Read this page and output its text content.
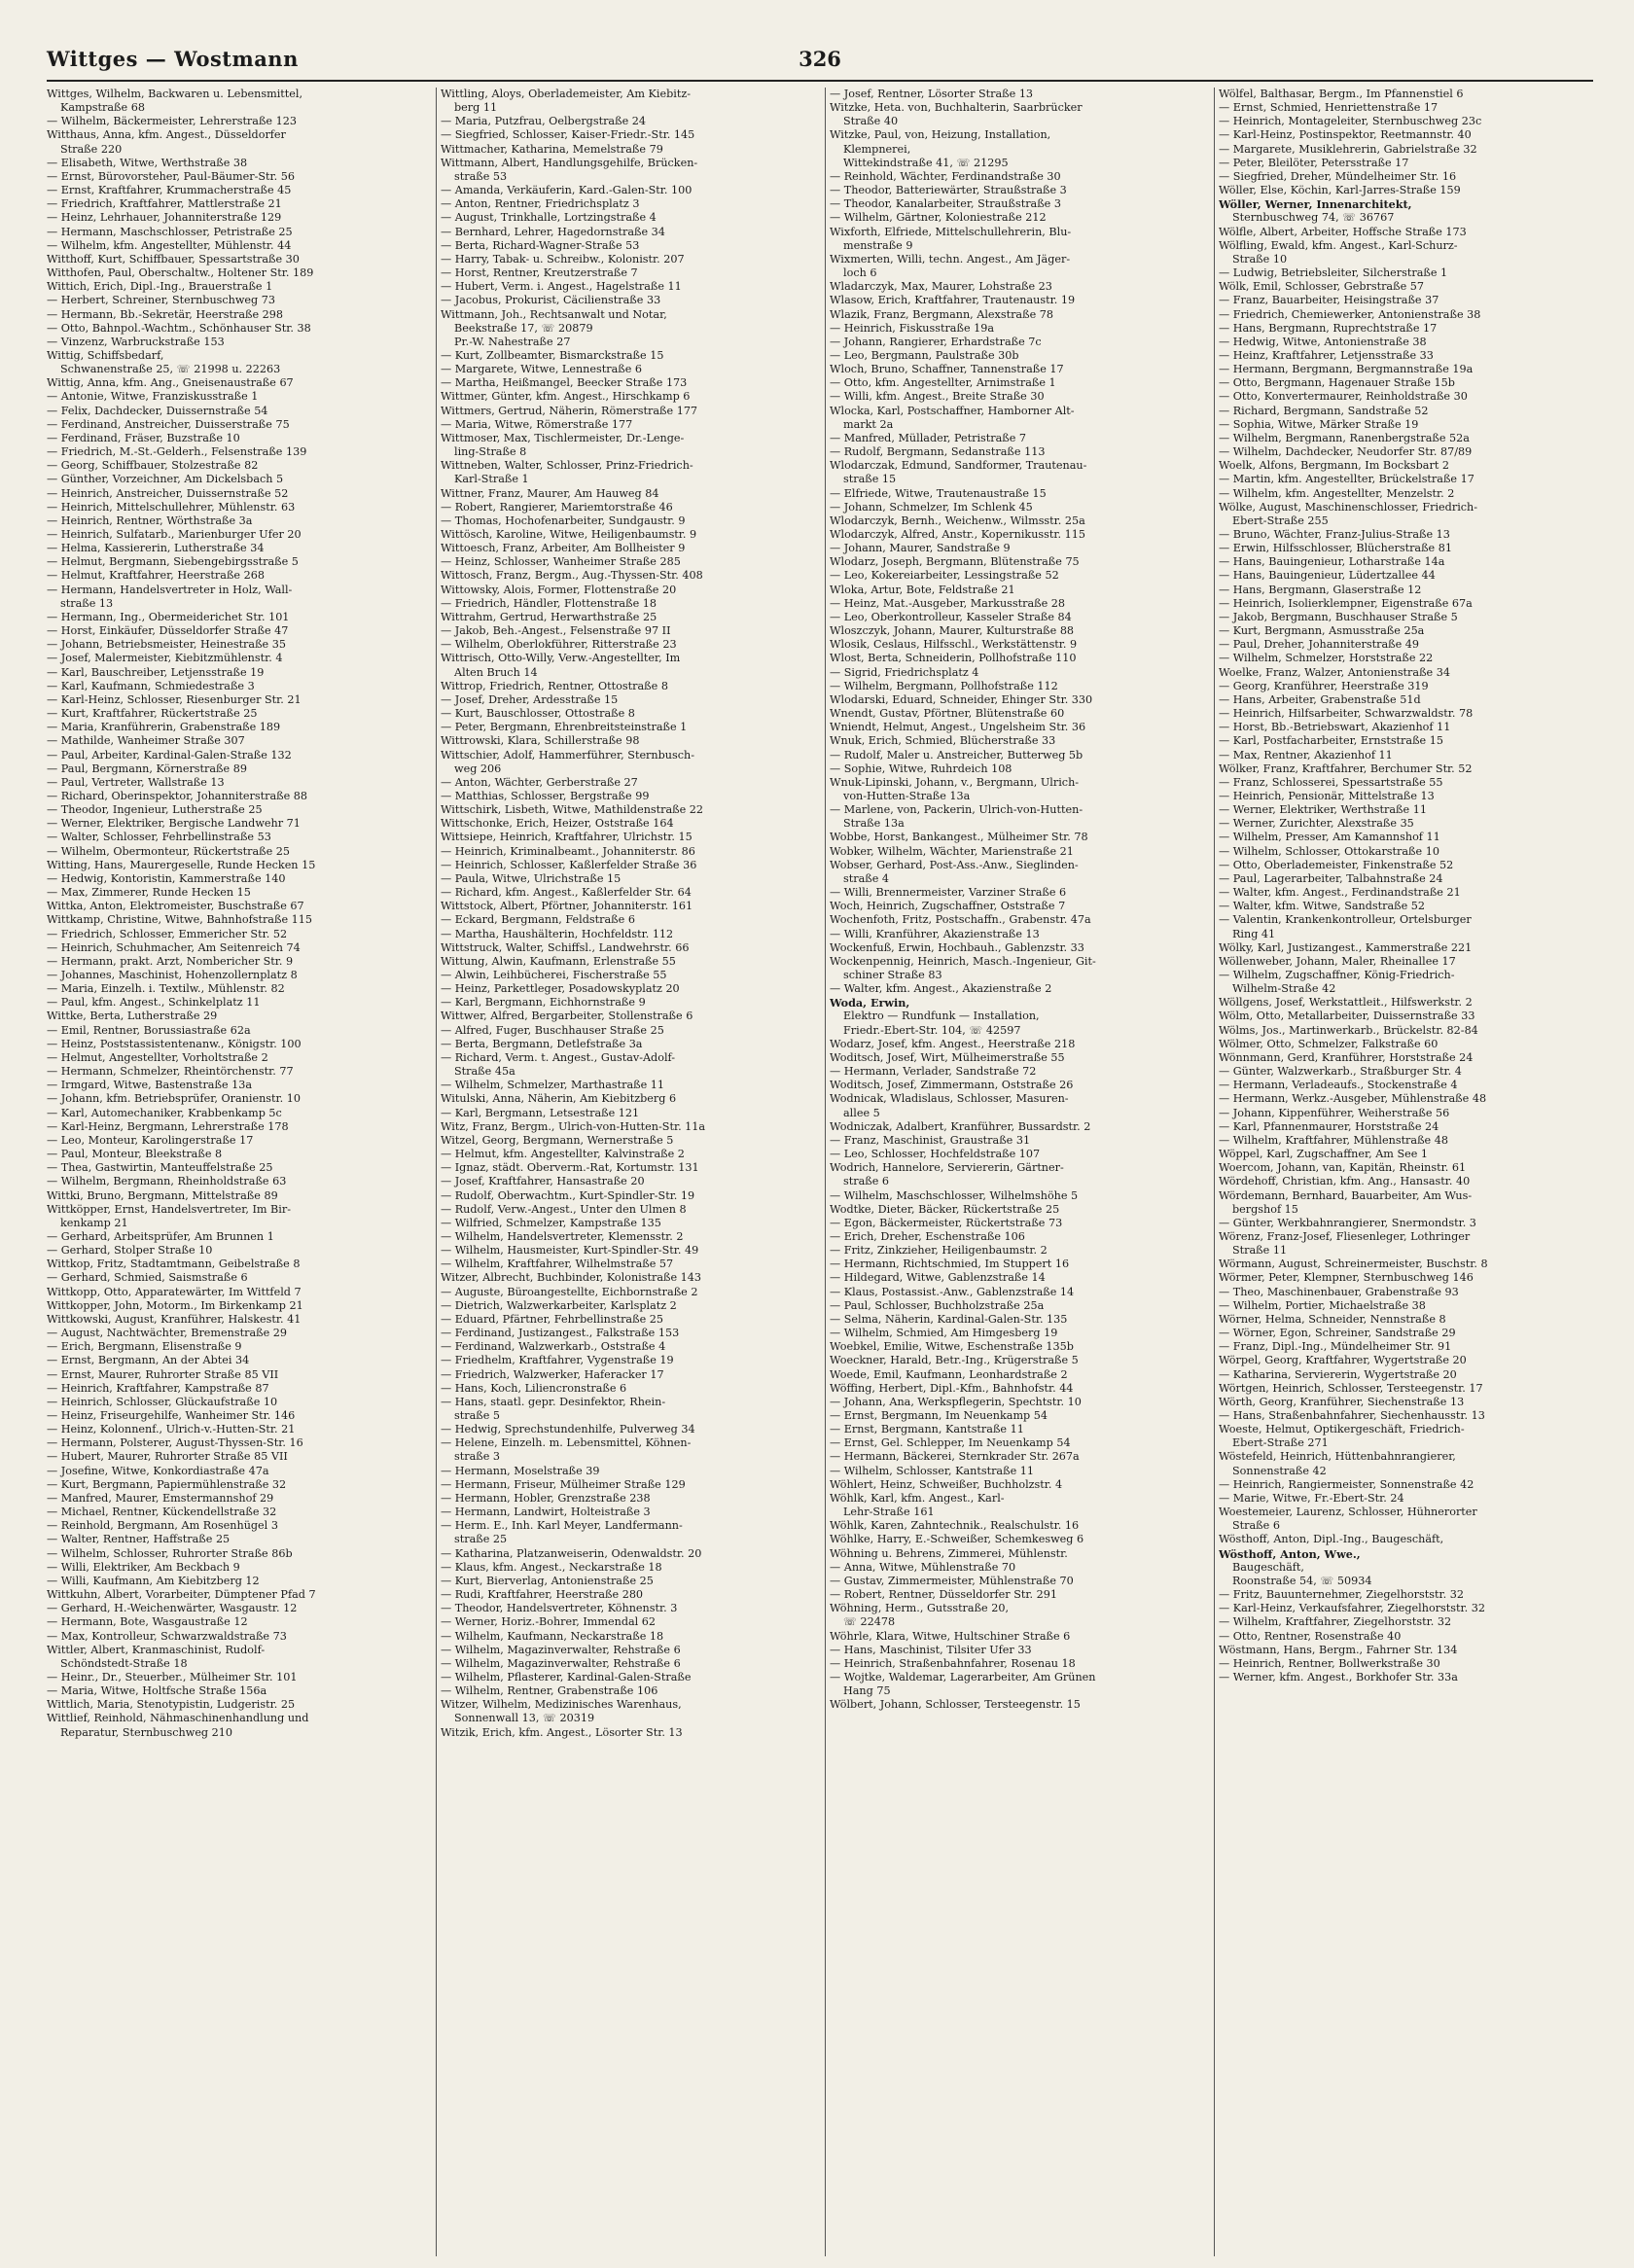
Wittges — Wostmann	326
Wittges, Wilhelm, Backwaren u. Lebensmittel,
Kampstraße 68
— Wilhelm, Bäckermeister, Lehrerstraße 123
Witthaus, Anna, kfm. Angest., Düsseldorfer
Straße 220
— Elisabeth, Witwe, Werthstraße 38
— Ernst, Bürovorsteher, Paul-Bäumer-Str. 56
— Ernst, Kraftfahrer, Krummacherstraße 45
— Friedrich, Kraftfahrer, Mattlerstraße 21
— Heinz, Lehrhauer, Johanniterstraße 129
— Hermann, Maschschlosser, Petristraße 25
— Wilhelm, kfm. Angestellter, Mühlenstr. 44
Witthoff, Kurt, Schiffbauer, Spessartstraße 30
Witthofen, Paul, Oberschaltw., Holtener Str. 189
Wittich, Erich, Dipl.-Ing., Brauerstraße 1
— Herbert, Schreiner, Sternbuschweg 73
— Hermann, Bb.-Sekretär, Heerstraße 298
— Otto, Bahnpol.-Wachtm., Schönhauser Str. 38
— Vinzenz, Warbruckstraße 153
Wittig, Schiffsbedarf,
Schwanenstraße 25, ☏ 21998 u. 22263
Wittig, Anna, kfm. Ang., Gneisenaustraße 67
— Antonie, Witwe, Franziskusstraße 1
— Felix, Dachdecker, Duissernstraße 54
— Ferdinand, Anstreicher, Duisserstraße 75
— Ferdinand, Fräser, Buzstraße 10
— Friedrich, M.-St.-Gelderh., Felsenstraße 139
— Georg, Schiffbauer, Stolzestraße 82
— Günther, Vorzeichner, Am Dickelsbach 5
— Heinrich, Anstreicher, Duissernstraße 52
— Heinrich, Mittelschullehrer, Mühlenstr. 63
— Heinrich, Rentner, Wörthstraße 3a
— Heinrich, Sulfatarb., Marienburger Ufer 20
— Helma, Kassiererin, Lutherstraße 34
— Helmut, Bergmann, Siebengebirgsstraße 5
— Helmut, Kraftfahrer, Heerstraße 268
— Hermann, Handelsvertreter in Holz, Wall-
straße 13
— Hermann, Ing., Obermeiderichet Str. 101
— Horst, Einkäufer, Düsseldorfer Straße 47
— Johann, Betriebsmeister, Heinestraße 35
— Josef, Malermeister, Kiebitzmühlenstr. 4
— Karl, Bauschreiber, Letjensstraße 19
— Karl, Kaufmann, Schmiedestraße 3
— Karl-Heinz, Schlosser, Riesenburger Str. 21
— Kurt, Kraftfahrer, Rückertstraße 25
— Maria, Kranführerin, Grabenstraße 189
— Mathilde, Wanheimer Straße 307
— Paul, Arbeiter, Kardinal-Galen-Straße 132
— Paul, Bergmann, Körnerstraße 89
— Paul, Vertreter, Wallstraße 13
— Richard, Oberinspektor, Johanniterstraße 88
— Theodor, Ingenieur, Lutherstraße 25
— Werner, Elektriker, Bergische Landwehr 71
— Walter, Schlosser, Fehrbellinstraße 53
— Wilhelm, Obermonteur, Rückertstraße 25
Witting, Hans, Maurergeselle, Runde Hecken 15
— Hedwig, Kontoristin, Kammerstraße 140
— Max, Zimmerer, Runde Hecken 15
Wittka, Anton, Elektromeister, Buschstraße 67
Wittkamp, Christine, Witwe, Bahnhofstraße 115
— Friedrich, Schlosser, Emmericher Str. 52
— Heinrich, Schuhmacher, Am Seitenreich 74
— Hermann, prakt. Arzt, Nombericher Str. 9
— Johannes, Maschinist, Hohenzollernplatz 8
— Maria, Einzelh. i. Textilw., Mühlenstr. 82
— Paul, kfm. Angest., Schinkelplatz 11
Wittke, Berta, Lutherstraße 29
— Emil, Rentner, Borussiastraße 62a
— Heinz, Poststassistentenanw., Königstr. 100
— Helmut, Angestellter, Vorholtstraße 2
— Hermann, Schmelzer, Rheintörchenstr. 77
— Irmgard, Witwe, Bastenstraße 13a
— Johann, kfm. Betriebsprüfer, Oranienstr. 10
— Karl, Automechaniker, Krabbenkamp 5c
— Karl-Heinz, Bergmann, Lehrerstraße 178
— Leo, Monteur, Karolingerstraße 17
— Paul, Monteur, Bleekstraße 8
— Thea, Gastwirtin, Manteuffelstraße 25
— Wilhelm, Bergmann, Rheinholdstraße 63
Wittki, Bruno, Bergmann, Mittelstraße 89
Wittköpper, Ernst, Handelsvertreter, Im Bir-
kenkamp 21
— Gerhard, Arbeitsprüfer, Am Brunnen 1
— Gerhard, Stolper Straße 10
Wittkop, Fritz, Stadtamtmann, Geibelstraße 8
— Gerhard, Schmied, Saismstraße 6
Wittkopp, Otto, Apparatewärter, Im Wittfeld 7
Wittkopper, John, Motorm., Im Birkenkamp 21
Wittkowski, August, Kranführer, Halskestr. 41
— August, Nachtwächter, Bremenstraße 29
— Erich, Bergmann, Elisenstraße 9
— Ernst, Bergmann, An der Abtei 34
— Ernst, Maurer, Ruhrorter Straße 85 VII
— Heinrich, Kraftfahrer, Kampstraße 87
— Heinrich, Schlosser, Glückaufstraße 10
— Heinz, Friseurgehilfe, Wanheimer Str. 146
— Heinz, Kolonnenf., Ulrich-v.-Hutten-Str. 21
— Hermann, Polsterer, August-Thyssen-Str. 16
— Hubert, Maurer, Ruhrorter Straße 85 VII
— Josefine, Witwe, Konkordiastraße 47a
— Kurt, Bergmann, Papiermühlenstraße 32
— Manfred, Maurer, Emstermannshof 29
— Michael, Rentner, Kückendellstraße 32
— Reinhold, Bergmann, Am Rosenhügel 3
— Walter, Rentner, Haffstraße 25
— Wilhelm, Schlosser, Ruhrorter Straße 86b
— Willi, Elektriker, Am Beckbach 9
— Willi, Kaufmann, Am Kiebitzberg 12
Wittkuhn, Albert, Vorarbeiter, Dümptener Pfad 7
— Gerhard, H.-Weichenwärter, Wasgaustr. 12
— Hermann, Bote, Wasgaustraße 12
— Max, Kontrolleur, Schwarzwaldstraße 73
Wittler, Albert, Kranmaschinist, Rudolf-
Schöndstedt-Straße 18
— Heinr., Dr., Steuerber., Mülheimer Str. 101
— Maria, Witwe, Holtfsche Straße 156a
Wittlich, Maria, Stenotypistin, Ludgeristr. 25
Wittlief, Reinhold, Nähmaschinenhandlung und
Reparatur, Sternbuschweg 210
Wittling, Aloys, Oberlademeister, Am Kiebitz-
berg 11
— Maria, Putzfrau, Oelbergstraße 24
— Siegfried, Schlosser, Kaiser-Friedr.-Str. 145
Wittmacher, Katharina, Memelstraße 79
Wittmann, Albert, Handlungsgehilfe, Brücken-
straße 53
— Amanda, Verkäuferin, Kard.-Galen-Str. 100
— Anton, Rentner, Friedrichsplatz 3
— August, Trinkhalle, Lortzingstraße 4
— Bernhard, Lehrer, Hagedornstraße 34
— Berta, Richard-Wagner-Straße 53
— Harry, Tabak- u. Schreibw., Kolonistr. 207
— Horst, Rentner, Kreutzerstraße 7
— Hubert, Verm. i. Angest., Hagelstraße 11
— Jacobus, Prokurist, Cäcilienstraße 33
Wittmann, Joh., Rechtsanwalt und Notar,
Beekstraße 17, ☏ 20879
Pr.-W. Nahestraße 27
— Kurt, Zollbeamter, Bismarckstraße 15
— Margarete, Witwe, Lennestraße 6
— Martha, Heißmangel, Beecker Straße 173
Wittmer, Günter, kfm. Angest., Hirschkamp 6
Wittmers, Gertrud, Näherin, Römerstraße 177
— Maria, Witwe, Römerstraße 177
Wittmoser, Max, Tischlermeister, Dr.-Lenge-
ling-Straße 8
Wittneben, Walter, Schlosser, Prinz-Friedrich-
Karl-Straße 1
Wittner, Franz, Maurer, Am Hauweg 84
— Robert, Rangierer, Mariemtorstraße 46
— Thomas, Hochofenarbeiter, Sundgaustr. 9
Wittösch, Karoline, Witwe, Heiligenbaumstr. 9
Wittoesch, Franz, Arbeiter, Am Bollheister 9
— Heinz, Schlosser, Wanheimer Straße 285
Wittosch, Franz, Bergm., Aug.-Thyssen-Str. 408
Wittowsky, Alois, Former, Flottenstraße 20
— Friedrich, Händler, Flottenstraße 18
Wittrahm, Gertrud, Herwarthstraße 25
— Jakob, Beh.-Angest., Felsenstraße 97 II
— Wilhelm, Oberlokführer, Ritterstraße 23
Wittrisch, Otto-Willy, Verw.-Angestellter, Im
Alten Bruch 14
Wittrop, Friedrich, Rentner, Ottostraße 8
— Josef, Dreher, Ardesstraße 15
— Kurt, Bauschlosser, Ottostraße 8
— Peter, Bergmann, Ehrenbreitsteinstraße 1
Wittrowski, Klara, Schillerstraße 98
Wittschier, Adolf, Hammerführer, Sternbusch-
weg 206
— Anton, Wächter, Gerberstraße 27
— Matthias, Schlosser, Bergstraße 99
Wittschirk, Lisbeth, Witwe, Mathildenstraße 22
Wittschonke, Erich, Heizer, Oststraße 164
Wittsiepe, Heinrich, Kraftfahrer, Ulrichstr. 15
— Heinrich, Kriminalbeamt., Johanniterstr. 86
— Heinrich, Schlosser, Kaßlerfelder Straße 36
— Paula, Witwe, Ulrichstraße 15
— Richard, kfm. Angest., Kaßlerfelder Str. 64
Wittstock, Albert, Pförtner, Johanniterstr. 161
— Eckard, Bergmann, Feldstraße 6
— Martha, Haushälterin, Hochfeldstr. 112
Wittstruck, Walter, Schiffsl., Landwehrstr. 66
Wittung, Alwin, Kaufmann, Erlenstraße 55
— Alwin, Leihbücherei, Fischerstraße 55
— Heinz, Parkettleger, Posadowskyplatz 20
— Karl, Bergmann, Eichhornstraße 9
Wittwer, Alfred, Bergarbeiter, Stollenstraße 6
— Alfred, Fuger, Buschhauser Straße 25
— Berta, Bergmann, Detlefstraße 3a
— Richard, Verm. t. Angest., Gustav-Adolf-
Straße 45a
— Wilhelm, Schmelzer, Marthastraße 11
Witulski, Anna, Näherin, Am Kiebitzberg 6
— Karl, Bergmann, Letsestraße 121
Witz, Franz, Bergm., Ulrich-von-Hutten-Str. 11a
Witzel, Georg, Bergmann, Wernerstraße 5
— Helmut, kfm. Angestellter, Kalvinstraße 2
— Ignaz, städt. Oberverm.-Rat, Kortumstr. 131
— Josef, Kraftfahrer, Hansastraße 20
— Rudolf, Oberwachtm., Kurt-Spindler-Str. 19
— Rudolf, Verw.-Angest., Unter den Ulmen 8
— Wilfried, Schmelzer, Kampstraße 135
— Wilhelm, Handelsvertreter, Klemensstr. 2
— Wilhelm, Hausmeister, Kurt-Spindler-Str. 49
— Wilhelm, Kraftfahrer, Wilhelmstraße 57
Witzer, Albrecht, Buchbinder, Kolonistraße 143
— Auguste, Büroangestellte, Eichbornstraße 2
— Dietrich, Walzwerkarbeiter, Karlsplatz 2
— Eduard, Pfärtner, Fehrbellinstraße 25
— Ferdinand, Justizangest., Falkstraße 153
— Ferdinand, Walzwerkarb., Oststraße 4
— Friedhelm, Kraftfahrer, Vygenstraße 19
— Friedrich, Walzwerker, Haferacker 17
— Hans, Koch, Liliencronstraße 6
— Hans, staatl. gepr. Desinfektor, Rhein-
straße 5
— Hedwig, Sprechstundenhilfe, Pulverweg 34
— Helene, Einzelh. m. Lebensmittel, Köhnen-
straße 3
— Hermann, Moselstraße 39
— Hermann, Friseur, Mülheimer Straße 129
— Hermann, Hobler, Grenzstraße 238
— Hermann, Landwirt, Holteistraße 3
— Herm. E., Inh. Karl Meyer, Landfermann-
straße 25
— Katharina, Platzanweiserin, Odenwaldstr. 20
— Klaus, kfm. Angest., Neckarstraße 18
— Kurt, Bierverlag, Antonienstraße 25
— Rudi, Kraftfahrer, Heerstraße 280
— Theodor, Handelsvertreter, Köhnenstr. 3
— Werner, Horiz.-Bohrer, Immendal 62
— Wilhelm, Kaufmann, Neckarstraße 18
— Wilhelm, Magazinverwalter, Rehstraße 6
— Wilhelm, Magazinverwalter, Rehstraße 6
— Wilhelm, Pflasterer, Kardinal-Galen-Straße
— Wilhelm, Rentner, Grabenstraße 106
Witzer, Wilhelm, Medizinisches Warenhaus,
Sonnenwall 13, ☏ 20319
Witzik, Erich, kfm. Angest., Lösorter Str. 13
— Josef, Rentner, Lösorter Straße 13
Witzke, Heta. von, Buchhalterin, Saarbrücker
Straße 40
Witzke, Paul, von, Heizung, Installation,
Klempnerei,
Wittekindstraße 41, ☏ 21295
— Reinhold, Wächter, Ferdinandstraße 30
— Theodor, Batteriewärter, Straußstraße 3
— Theodor, Kanalarbeiter, Straußstraße 3
— Wilhelm, Gärtner, Koloniestraße 212
Wixforth, Elfriede, Mittelschullehrerin, Blu-
menstraße 9
Wixmerten, Willi, techn. Angest., Am Jäger-
loch 6
Wladarczyk, Max, Maurer, Lohstraße 23
Wlasow, Erich, Kraftfahrer, Trautenaustr. 19
Wlazik, Franz, Bergmann, Alexstraße 78
— Heinrich, Fiskusstraße 19a
— Johann, Rangierer, Erhardstraße 7c
— Leo, Bergmann, Paulstraße 30b
Wloch, Bruno, Schaffner, Tannenstraße 17
— Otto, kfm. Angestellter, Arnimstraße 1
— Willi, kfm. Angest., Breite Straße 30
Wlocka, Karl, Postschaffner, Hamborner Alt-
markt 2a
— Manfred, Müllader, Petristraße 7
— Rudolf, Bergmann, Sedanstraße 113
Wlodarczak, Edmund, Sandformer, Trautenau-
straße 15
— Elfriede, Witwe, Trautenaustraße 15
— Johann, Schmelzer, Im Schlenk 45
Wlodarczyk, Bernh., Weichenw., Wilmsstr. 25a
Wlodarczyk, Alfred, Anstr., Kopernikusstr. 115
— Johann, Maurer, Sandstraße 9
Wlodarz, Joseph, Bergmann, Blütenstraße 75
— Leo, Kokereiarbeiter, Lessingstraße 52
Wloka, Artur, Bote, Feldstraße 21
— Heinz, Mat.-Ausgeber, Markusstraße 28
— Leo, Oberkontrolleur, Kasseler Straße 84
Wloszczyk, Johann, Maurer, Kulturstraße 88
Wlosik, Ceslaus, Hilfsschl., Werkstättenstr. 9
Wlost, Berta, Schneiderin, Pollhofstraße 110
— Sigrid, Friedrichsplatz 4
— Wilhelm, Bergmann, Pollhofstraße 112
Wlodarski, Eduard, Schneider, Ehinger Str. 330
Wnendt, Gustav, Pförtner, Blütenstraße 60
Wniendt, Helmut, Angest., Ungelsheim Str. 36
Wnuk, Erich, Schmied, Blücherstraße 33
— Rudolf, Maler u. Anstreicher, Butterweg 5b
— Sophie, Witwe, Ruhrdeich 108
Wnuk-Lipinski, Johann, v., Bergmann, Ulrich-
von-Hutten-Straße 13a
— Marlene, von, Packerin, Ulrich-von-Hutten-
Straße 13a
Wobbe, Horst, Bankangest., Mülheimer Str. 78
Wobker, Wilhelm, Wächter, Marienstraße 21
Wobser, Gerhard, Post-Ass.-Anw., Sieglinden-
straße 4
— Willi, Brennermeister, Varziner Straße 6
Woch, Heinrich, Zugschaffner, Oststraße 7
Wochenfoth, Fritz, Postschaffn., Grabenstr. 47a
— Willi, Kranführer, Akazienstraße 13
Wockenfuß, Erwin, Hochbauh., Gablenzstr. 33
Wockenpennig, Heinrich, Masch.-Ingenieur, Git-
schiner Straße 83
— Walter, kfm. Angest., Akazienstraße 2
Woda, Erwin,
Elektro — Rundfunk — Installation,
Friedr.-Ebert-Str. 104, ☏ 42597
Wodarz, Josef, kfm. Angest., Heerstraße 218
Woditsch, Josef, Wirt, Mülheimerstraße 55
— Hermann, Verlader, Sandstraße 72
Woditsch, Josef, Zimmermann, Oststraße 26
Wodnicak, Wladislaus, Schlosser, Masuren-
allee 5
Wodniczak, Adalbert, Kranführer, Bussardstr. 2
— Franz, Maschinist, Graustraße 31
— Leo, Schlosser, Hochfeldstraße 107
Wodrich, Hannelore, Serviererin, Gärtner-
straße 6
— Wilhelm, Maschschlosser, Wilhelmshöhe 5
Wodtke, Dieter, Bäcker, Rückertstraße 25
— Egon, Bäckermeister, Rückertstraße 73
— Erich, Dreher, Eschenstraße 106
— Fritz, Zinkzieher, Heiligenbaumstr. 2
— Hermann, Richtschmied, Im Stuppert 16
— Hildegard, Witwe, Gablenzstraße 14
— Klaus, Postassist.-Anw., Gablenzstraße 14
— Paul, Schlosser, Buchholzstraße 25a
— Selma, Näherin, Kardinal-Galen-Str. 135
— Wilhelm, Schmied, Am Himgesberg 19
Woebkel, Emilie, Witwe, Eschenstraße 135b
Woeckner, Harald, Betr.-Ing., Krügerstraße 5
Woede, Emil, Kaufmann, Leonhardstraße 2
Wöffing, Herbert, Dipl.-Kfm., Bahnhofstr. 44
— Johann, Ana, Werkspflegerin, Spechtstr. 10
— Ernst, Bergmann, Im Neuenkamp 54
— Ernst, Bergmann, Kantstraße 11
— Ernst, Gel. Schlepper, Im Neuenkamp 54
— Hermann, Bäckerei, Sternkrader Str. 267a
— Wilhelm, Schlosser, Kantstraße 11
Wöhlert, Heinz, Schweißer, Buchholzstr. 4
Wöhlk, Karl, kfm. Angest., Karl-
Lehr-Straße 161
Wöhlk, Karen, Zahntechnik., Realschulstr. 16
Wöhlke, Harry, E.-Schweißer, Schemkesweg 6
Wöhning u. Behrens, Zimmerei, Mühlenstr.
— Anna, Witwe, Mühlenstraße 70
— Gustav, Zimmermeister, Mühlenstraße 70
— Robert, Rentner, Düsseldorfer Str. 291
Wöhning, Herm., Gutsstraße 20,
☏ 22478
Wöhrle, Klara, Witwe, Hultschiner Straße 6
— Hans, Maschinist, Tilsiter Ufer 33
— Heinrich, Straßenbahnfahrer, Rosenau 18
— Wojtke, Waldemar, Lagerarbeiter, Am Grünen
Hang 75
Wölbert, Johann, Schlosser, Tersteegenstr. 15
Wölfel, Balthasar, Bergm., Im Pfannenstiel 6
— Ernst, Schmied, Henriettenstraße 17
— Heinrich, Montageleiter, Sternbuschweg 23c
— Karl-Heinz, Postinspektor, Reetmannstr. 40
— Margarete, Musiklehrerin, Gabrielstraße 32
— Peter, Bleilöter, Petersstraße 17
— Siegfried, Dreher, Mündelheimer Str. 16
Wöller, Else, Köchin, Karl-Jarres-Straße 159
Wöller, Werner, Innenarchitekt,
Sternbuschweg 74, ☏ 36767
Wölfle, Albert, Arbeiter, Hoffsche Straße 173
Wölfling, Ewald, kfm. Angest., Karl-Schurz-
Straße 10
— Ludwig, Betriebsleiter, Silcherstraße 1
Wölk, Emil, Schlosser, Gebrstraße 57
— Franz, Bauarbeiter, Heisingstraße 37
— Friedrich, Chemiewerker, Antonienstraße 38
— Hans, Bergmann, Ruprechtstraße 17
— Hedwig, Witwe, Antonienstraße 38
— Heinz, Kraftfahrer, Letjensstraße 33
— Hermann, Bergmann, Bergmannstraße 19a
— Otto, Bergmann, Hagenauer Straße 15b
— Otto, Konvertermaurer, Reinholdstraße 30
— Richard, Bergmann, Sandstraße 52
— Sophia, Witwe, Märker Straße 19
— Wilhelm, Bergmann, Ranenbergstraße 52a
— Wilhelm, Dachdecker, Neudorfer Str. 87/89
Woelk, Alfons, Bergmann, Im Bocksbart 2
— Martin, kfm. Angestellter, Brückelstraße 17
— Wilhelm, kfm. Angestellter, Menzelstr. 2
Wölke, August, Maschinenschlosser, Friedrich-
Ebert-Straße 255
— Bruno, Wächter, Franz-Julius-Straße 13
— Erwin, Hilfsschlosser, Blücherstraße 81
— Hans, Bauingenieur, Lotharstraße 14a
— Hans, Bauingenieur, Lüdertzallee 44
— Hans, Bergmann, Glaserstraße 12
— Heinrich, Isolierklempner, Eigenstraße 67a
— Jakob, Bergmann, Buschhauser Straße 5
— Kurt, Bergmann, Asmusstraße 25a
— Paul, Dreher, Johanniterstraße 49
— Wilhelm, Schmelzer, Horststraße 22
Woelke, Franz, Walzer, Antonienstraße 34
— Georg, Kranführer, Heerstraße 319
— Hans, Arbeiter, Grabenstraße 51d
— Heinrich, Hilfsarbeiter, Schwarzwaldstr. 78
— Horst, Bb.-Betriebswart, Akazienhof 11
— Karl, Postfacharbeiter, Ernststraße 15
— Max, Rentner, Akazienhof 11
Wölker, Franz, Kraftfahrer, Berchumer Str. 52
— Franz, Schlosserei, Spessartstraße 55
— Heinrich, Pensionär, Mittelstraße 13
— Werner, Elektriker, Werthstraße 11
— Werner, Zurichter, Alexstraße 35
— Wilhelm, Presser, Am Kamannshof 11
— Wilhelm, Schlosser, Ottokarstraße 10
— Otto, Oberlademeister, Finkenstraße 52
— Paul, Lagerarbeiter, Talbahnstraße 24
— Walter, kfm. Angest., Ferdinandstraße 21
— Walter, kfm. Witwe, Sandstraße 52
— Valentin, Krankenkontrolleur, Ortelsburger
Ring 41
Wölky, Karl, Justizangest., Kammerstraße 221
Wöllenweber, Johann, Maler, Rheinallee 17
— Wilhelm, Zugschaffner, König-Friedrich-
Wilhelm-Straße 42
Wöllgens, Josef, Werkstattleit., Hilfswerkstr. 2
Wölm, Otto, Metallarbeiter, Duissernstraße 33
Wölms, Jos., Martinwerkarb., Brückelstr. 82-84
Wölmer, Otto, Schmelzer, Falkstraße 60
Wönnmann, Gerd, Kranführer, Horststraße 24
— Günter, Walzwerkarb., Straßburger Str. 4
— Hermann, Verladeaufs., Stockenstraße 4
— Hermann, Werkz.-Ausgeber, Mühlenstraße 48
— Johann, Kippenführer, Weiherstraße 56
— Karl, Pfannenmaurer, Horststraße 24
— Wilhelm, Kraftfahrer, Mühlenstraße 48
Wöppel, Karl, Zugschaffner, Am See 1
Woercom, Johann, van, Kapitän, Rheinstr. 61
Wördehoff, Christian, kfm. Ang., Hansastr. 40
Wördemann, Bernhard, Bauarbeiter, Am Wus-
bergshof 15
— Günter, Werkbahnrangierer, Snermondstr. 3
Wörenz, Franz-Josef, Fliesenleger, Lothringer
Straße 11
Wörmann, August, Schreinermeister, Buschstr. 8
Wörmer, Peter, Klempner, Sternbuschweg 146
— Theo, Maschinenbauer, Grabenstraße 93
— Wilhelm, Portier, Michaelstraße 38
Wörner, Helma, Schneider, Nennstraße 8
— Wörner, Egon, Schreiner, Sandstraße 29
— Franz, Dipl.-Ing., Mündelheimer Str. 91
Wörpel, Georg, Kraftfahrer, Wygertstraße 20
— Katharina, Serviererin, Wygertstraße 20
Wörtgen, Heinrich, Schlosser, Tersteegenstr. 17
Wörth, Georg, Kranführer, Siechenstraße 13
— Hans, Straßenbahnfahrer, Siechenhausstr. 13
Woeste, Helmut, Optikergeschäft, Friedrich-
Ebert-Straße 271
Wöstefeld, Heinrich, Hüttenbahnrangierer,
Sonnenstraße 42
— Heinrich, Rangiermeister, Sonnenstraße 42
— Marie, Witwe, Fr.-Ebert-Str. 24
Woestemeier, Laurenz, Schlosser, Hühnerorter
Straße 6
Wösthoff, Anton, Dipl.-Ing., Baugeschäft,
Wösthoff, Anton, Wwe.,
Baugeschäft,
Roonstraße 54, ☏ 50934
— Fritz, Bauunternehmer, Ziegelhorststr. 32
— Karl-Heinz, Verkaufsfahrer, Ziegelhorststr. 32
— Wilhelm, Kraftfahrer, Ziegelhorststr. 32
— Otto, Rentner, Rosenstraße 40
Wöstmann, Hans, Bergm., Fahrner Str. 134
— Heinrich, Rentner, Bollwerkstraße 30
— Werner, kfm. Angest., Borkhofer Str. 33a
